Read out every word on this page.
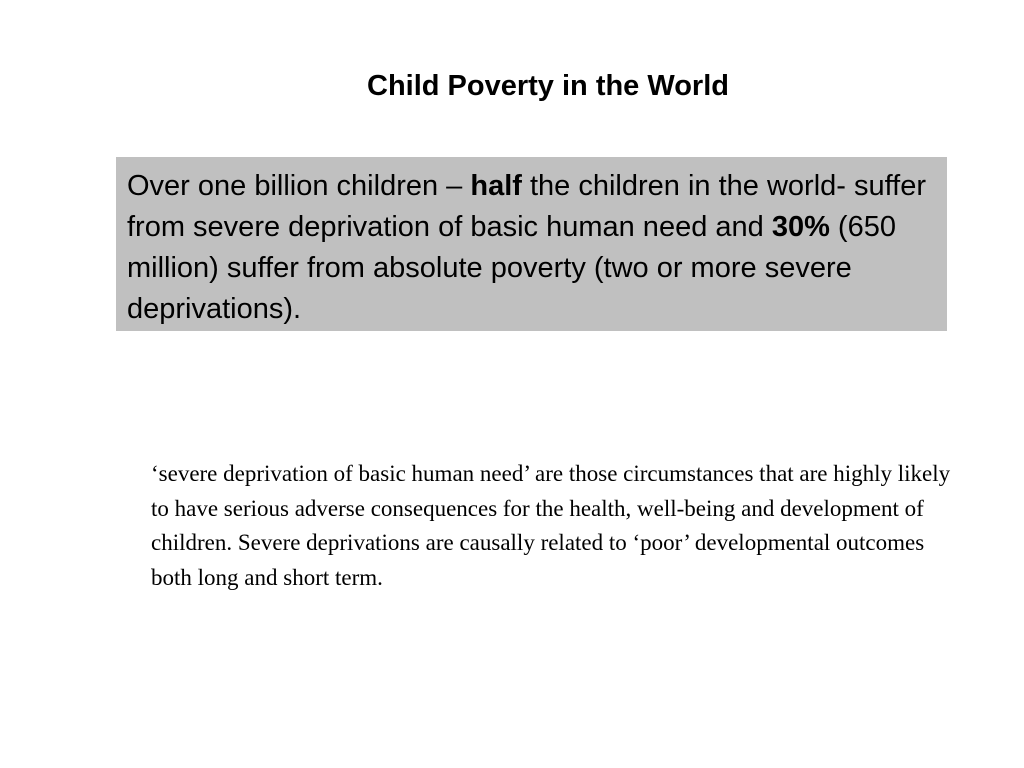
Child Poverty in the World
Over one billion children – half the children in the world- suffer from severe deprivation of basic human need and 30% (650 million) suffer from absolute poverty (two or more severe deprivations).
‘severe deprivation of basic human need’ are those circumstances that are highly likely to have serious adverse consequences for the health, well-being and development of children. Severe deprivations are causally related to ‘poor’ developmental outcomes both long and short term.
